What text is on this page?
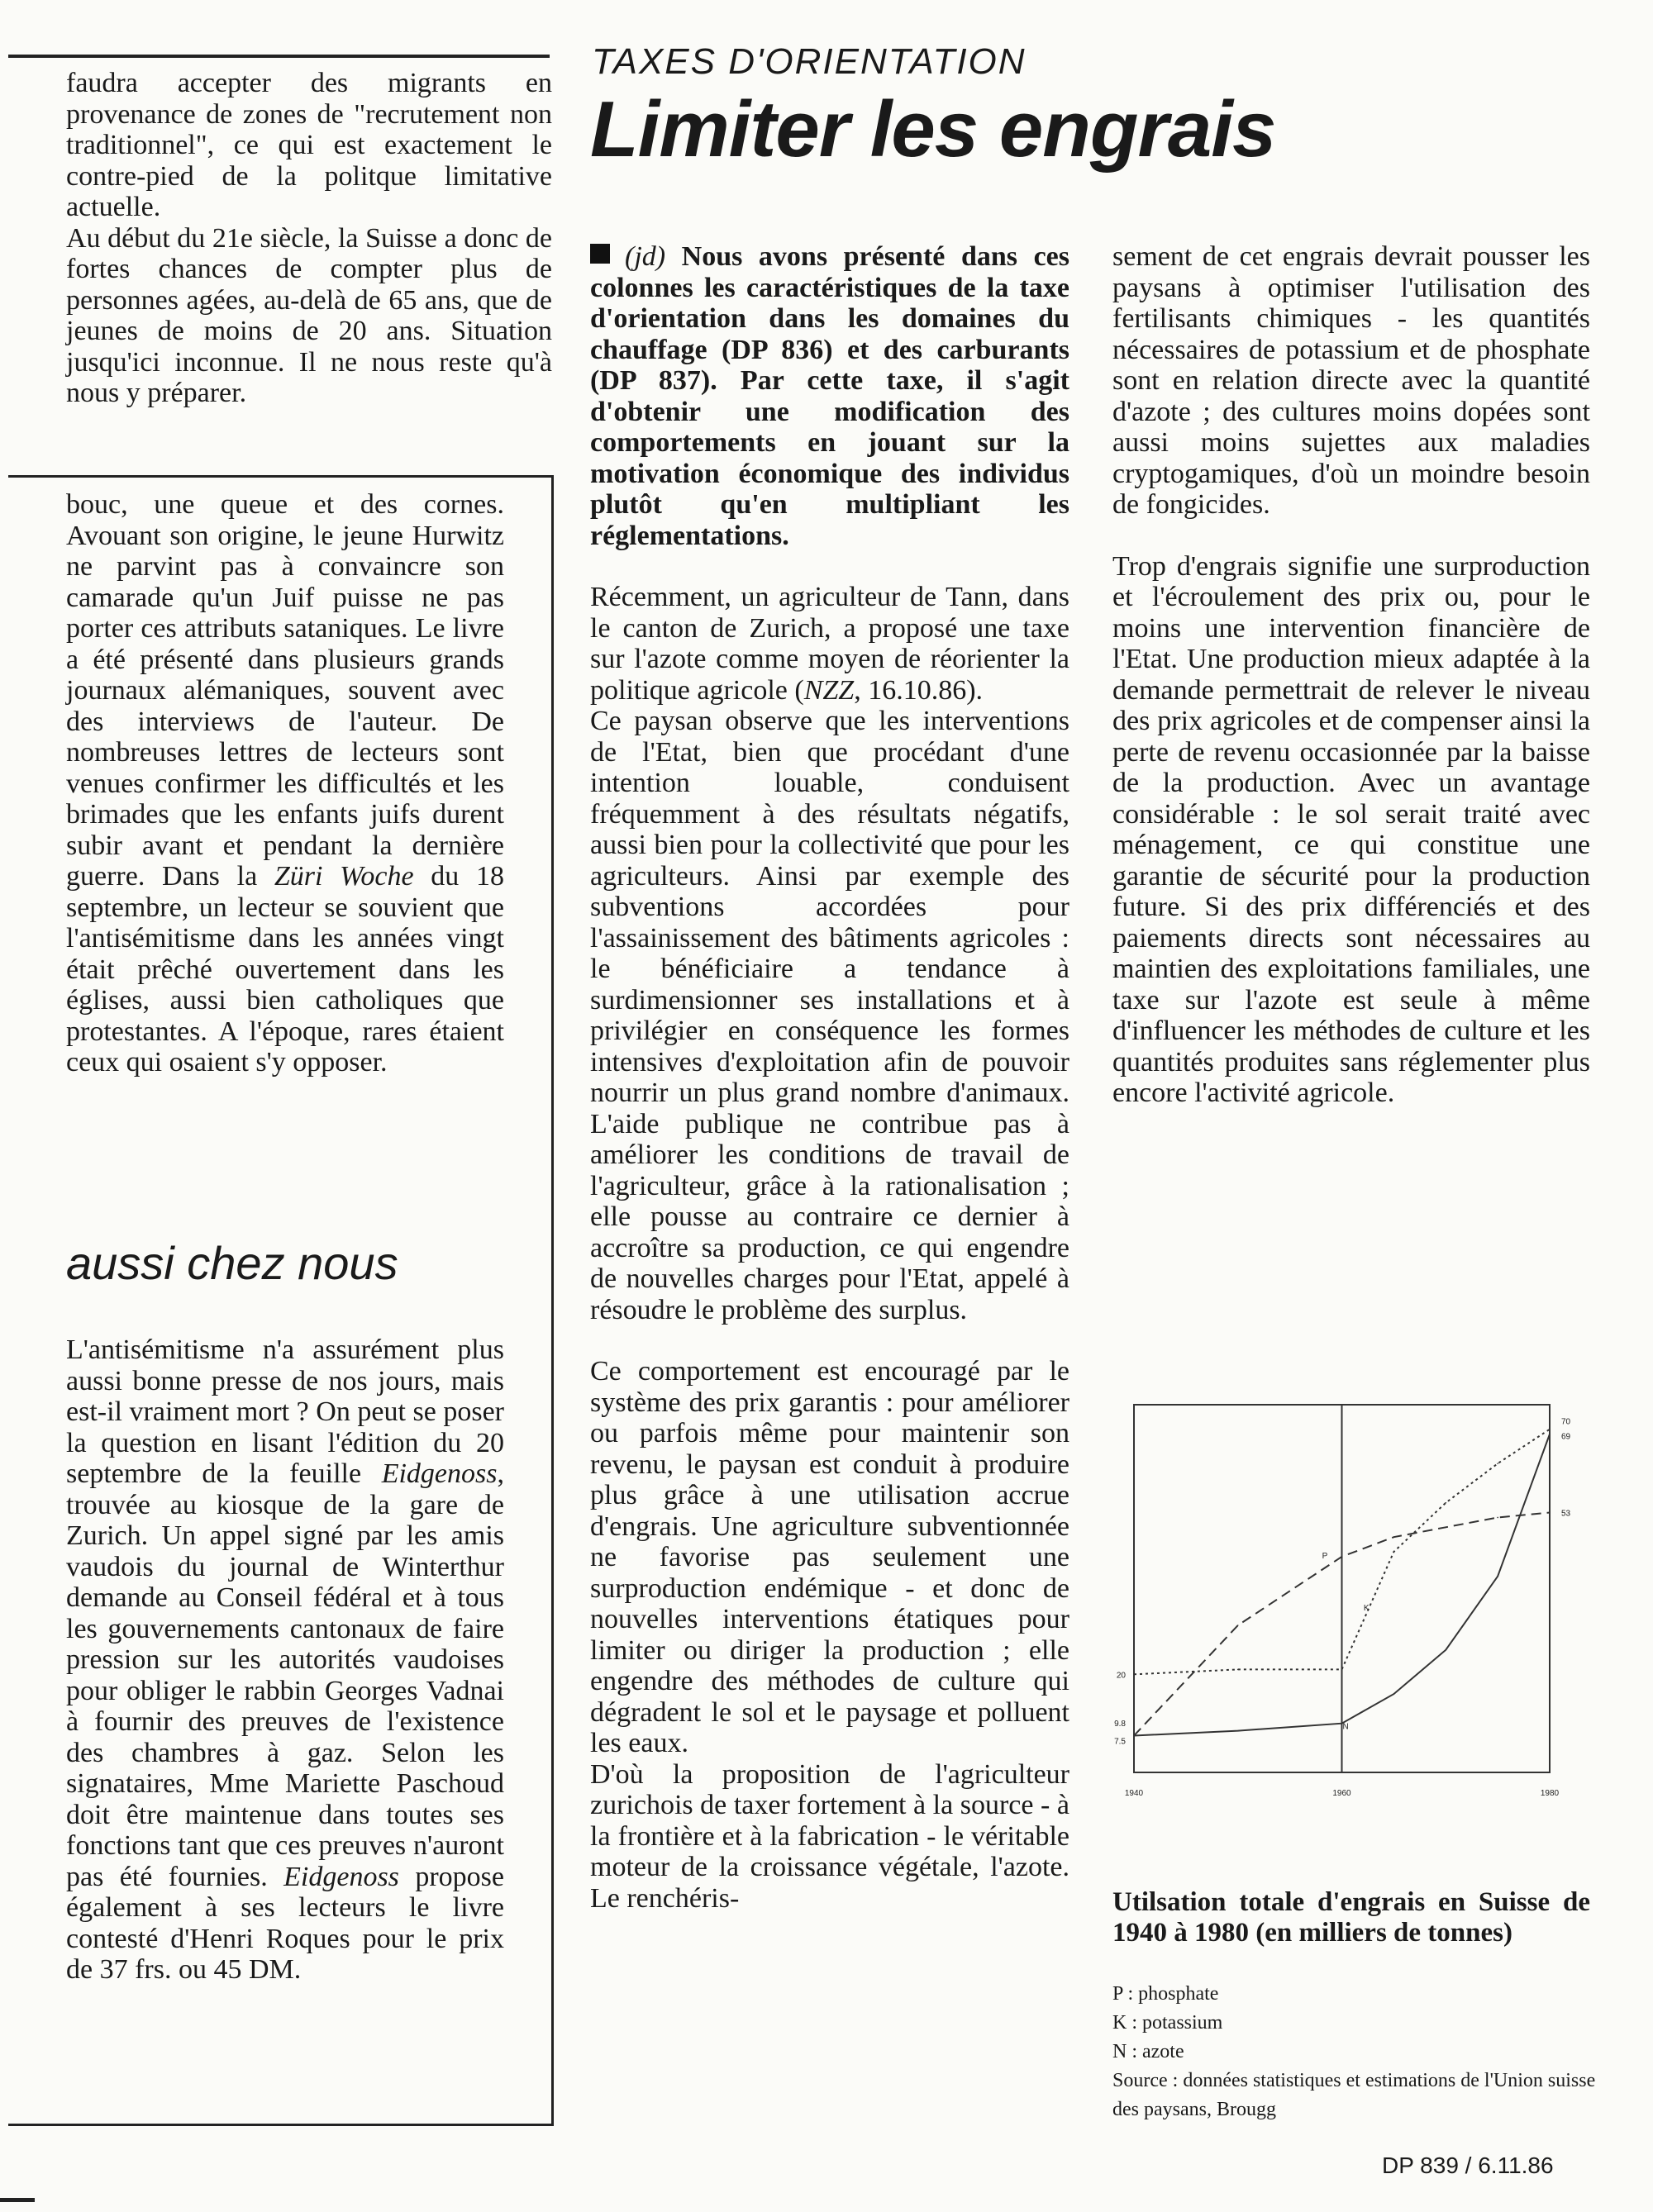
faudra accepter des migrants en provenance de zones de "recrutement non traditionnel", ce qui est exactement le contre-pied de la politque limitative actuelle.

Au début du 21e siècle, la Suisse a donc de fortes chances de compter plus de personnes agées, au-delà de 65 ans, que de jeunes de moins de 20 ans. Situation jusqu'ici inconnue. Il ne nous reste qu'à nous y préparer.

bouc, une queue et des cornes. Avouant son origine, le jeune Hurwitz ne parvint pas à convaincre son camarade qu'un Juif puisse ne pas porter ces attributs sataniques. Le livre a été présenté dans plusieurs grands journaux alémaniques, souvent avec des interviews de l'auteur. De nombreuses lettres de lecteurs sont venues confirmer les difficultés et les brimades que les enfants juifs durent subir avant et pendant la dernière guerre. Dans la Züri Woche du 18 septembre, un lecteur se souvient que l'antisémitisme dans les années vingt était prêché ouvertement dans les églises, aussi bien catholiques que protestantes. A l'époque, rares étaient ceux qui osaient s'y opposer.

aussi chez nous

L'antisémitisme n'a assurément plus aussi bonne presse de nos jours, mais est-il vraiment mort ? On peut se poser la question en lisant l'édition du 20 septembre de la feuille Eidgenoss, trouvée au kiosque de la gare de Zurich. Un appel signé par les amis vaudois du journal de Winterthur demande au Conseil fédéral et à tous les gouvernements cantonaux de faire pression sur les autorités vaudoises pour obliger le rabbin Georges Vadnai à fournir des preuves de l'existence des chambres à gaz. Selon les signataires, Mme Mariette Paschoud doit être maintenue dans toutes ses fonctions tant que ces preuves n'auront pas été fournies. Eidgenoss propose également à ses lecteurs le livre contesté d'Henri Roques pour le prix de 37 frs. ou 45 DM.

TAXES D'ORIENTATION
Limiter les engrais

(jd) Nous avons présenté dans ces colonnes les caractéristiques de la taxe d'orientation dans les domaines du chauffage (DP 836) et des carburants (DP 837). Par cette taxe, il s'agit d'obtenir une modification des comportements en jouant sur la motivation économique des individus plutôt qu'en multipliant les réglementations.

Récemment, un agriculteur de Tann, dans le canton de Zurich, a proposé une taxe sur l'azote comme moyen de réorienter la politique agricole (NZZ, 16.10.86).

Ce paysan observe que les interventions de l'Etat, bien que procédant d'une intention louable, conduisent fréquemment à des résultats négatifs, aussi bien pour la collectivité que pour les agriculteurs. Ainsi par exemple des subventions accordées pour l'assainissement des bâtiments agricoles : le bénéficiaire a tendance à surdimensionner ses installations et à privilégier en conséquence les formes intensives d'exploitation afin de pouvoir nourrir un plus grand nombre d'animaux. L'aide publique ne contribue pas à améliorer les conditions de travail de l'agriculteur, grâce à la rationalisation ; elle pousse au contraire ce dernier à accroître sa production, ce qui engendre de nouvelles charges pour l'Etat, appelé à résoudre le problème des surplus.

Ce comportement est encouragé par le système des prix garantis : pour améliorer ou parfois même pour maintenir son revenu, le paysan est conduit à produire plus grâce à une utilisation accrue d'engrais. Une agriculture subventionnée ne favorise pas seulement une surproduction endémique - et donc de nouvelles interventions étatiques pour limiter ou diriger la production ; elle engendre des méthodes de culture qui dégradent le sol et le paysage et polluent les eaux.

D'où la proposition de l'agriculteur zurichois de taxer fortement à la source - à la frontière et à la fabrication - le véritable moteur de la croissance végétale, l'azote. Le renchéris-

sement de cet engrais devrait pousser les paysans à optimiser l'utilisation des fertilisants chimiques - les quantités nécessaires de potassium et de phosphate sont en relation directe avec la quantité d'azote ; des cultures moins dopées sont aussi moins sujettes aux maladies cryptogamiques, d'où un moindre besoin de fongicides.

Trop d'engrais signifie une surproduction et l'écroulement des prix ou, pour le moins une intervention financière de l'Etat. Une production mieux adaptée à la demande permettrait de relever le niveau des prix agricoles et de compenser ainsi la perte de revenu occasionnée par la baisse de la production. Avec un avantage considérable : le sol serait traité avec ménagement, ce qui constitue une garantie de sécurité pour la production future. Si des prix différenciés et des paiements directs sont nécessaires au maintien des exploitations familiales, une taxe sur l'azote est seule à même d'influencer les méthodes de culture et les quantités produites sans réglementer plus encore l'activité agricole.

P
K
N
1940	1960	1980
70
69
53
20
9.8
7.5
Utilsation totale d'engrais en Suisse de 1940 à 1980 (en milliers de tonnes)
P : phosphate
K : potassium
N : azote
Source : données statistiques et estimations de l'Union suisse des paysans, Brougg
DP 839 / 6.11.86
